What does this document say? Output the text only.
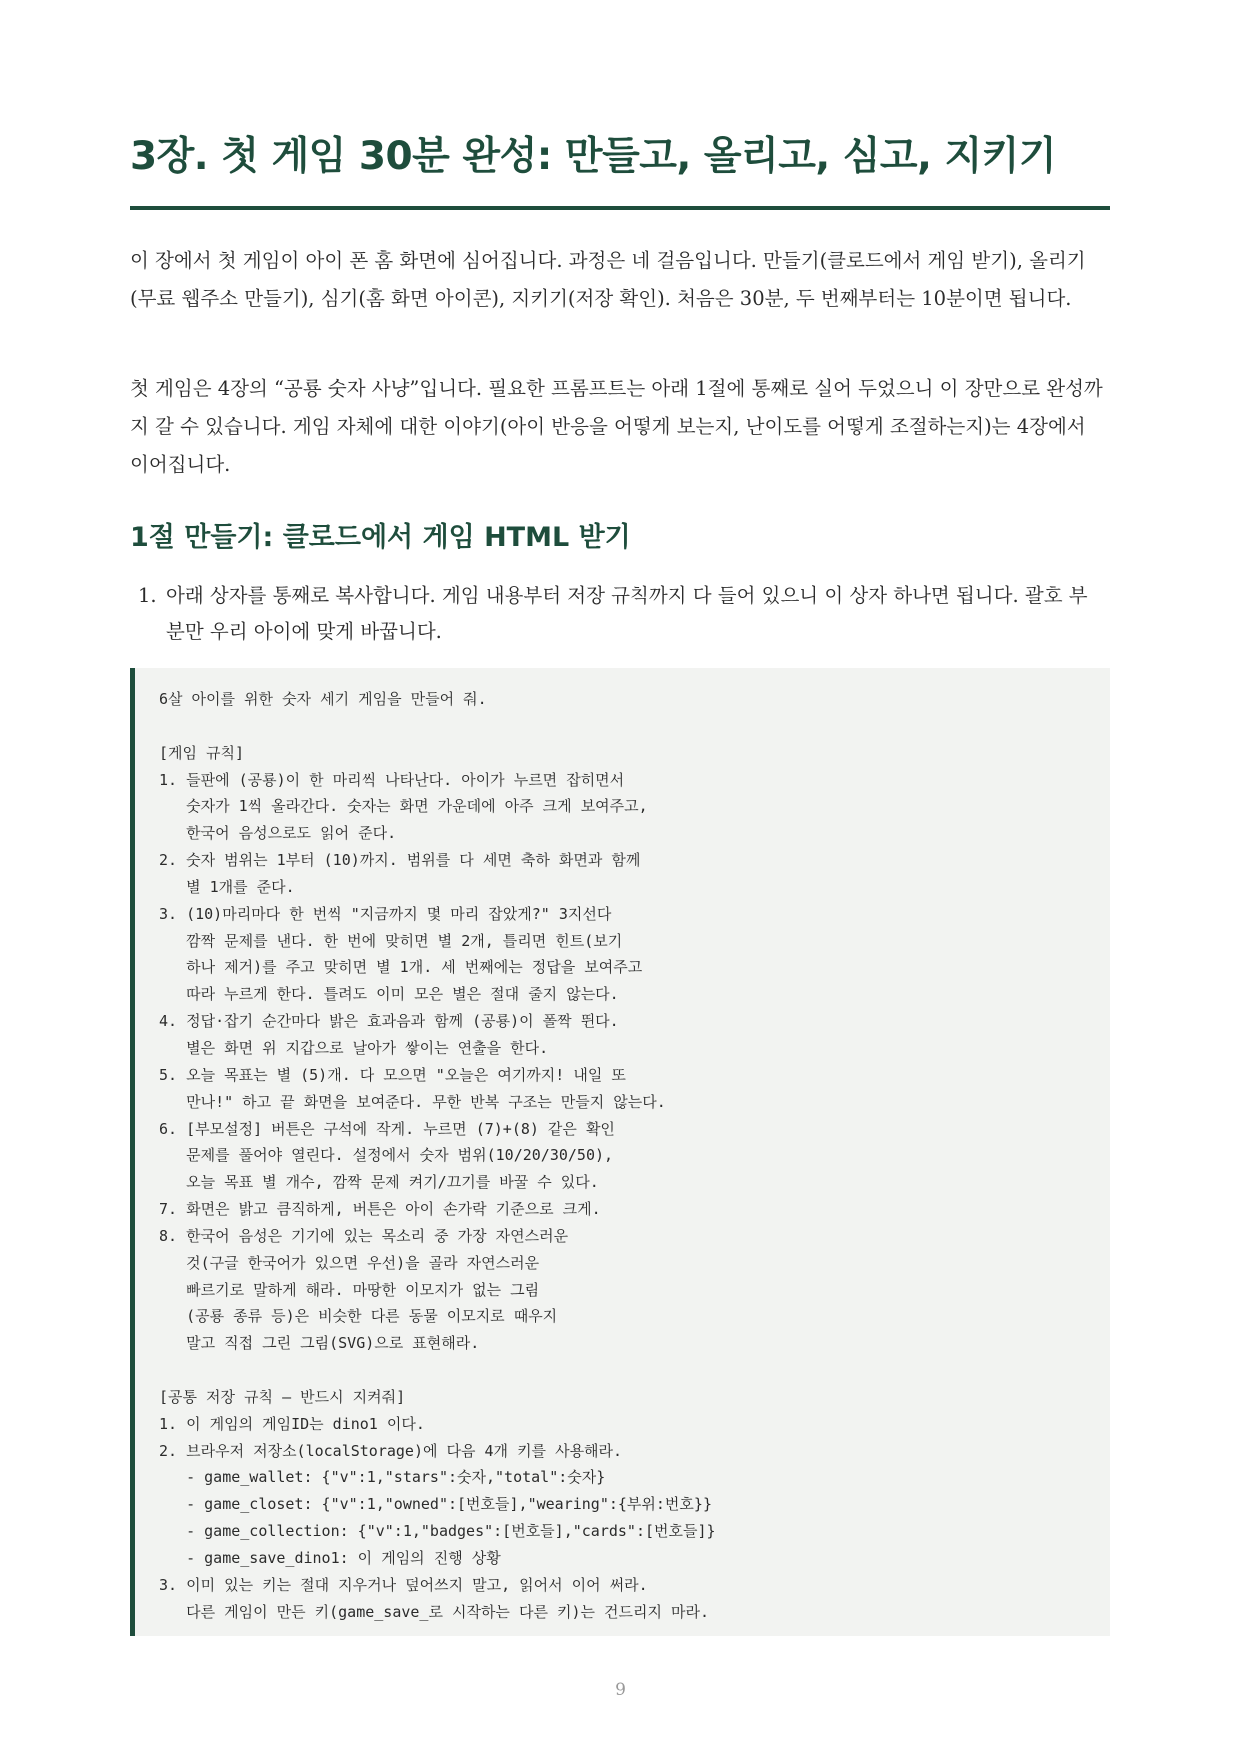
3장. 첫 게임 30분 완성: 만들고, 올리고, 심고, 지키기

이 장에서 첫 게임이 아이 폰 홈 화면에 심어집니다. 과정은 네 걸음입니다. 만들기(클로드에서 게임 받기), 올리기(무료 웹주소 만들기), 심기(홈 화면 아이콘), 지키기(저장 확인). 처음은 30분, 두 번째부터는 10분이면 됩니다.

첫 게임은 4장의 “공룡 숫자 사냥”입니다. 필요한 프롬프트는 아래 1절에 통째로 실어 두었으니 이 장만으로 완성까지 갈 수 있습니다. 게임 자체에 대한 이야기(아이 반응을 어떻게 보는지, 난이도를 어떻게 조절하는지)는 4장에서 이어집니다.

1절 만들기: 클로드에서 게임 HTML 받기
1. 아래 상자를 통째로 복사합니다. 게임 내용부터 저장 규칙까지 다 들어 있으니 이 상자 하나면 됩니다. 괄호 부분만 우리 아이에 맞게 바꿉니다.
6살 아이를 위한 숫자 세기 게임을 만들어 줘.
[게임 규칙]
1. 들판에 (공룡)이 한 마리씩 나타난다. 아이가 누르면 잡히면서
숫자가 1씩 올라간다. 숫자는 화면 가운데에 아주 크게 보여주고,
한국어 음성으로도 읽어 준다.
2. 숫자 범위는 1부터 (10)까지. 범위를 다 세면 축하 화면과 함께
별 1개를 준다.
3. (10)마리마다 한 번씩 "지금까지 몇 마리 잡았게?" 3지선다
깜짝 문제를 낸다. 한 번에 맞히면 별 2개, 틀리면 힌트(보기
하나 제거)를 주고 맞히면 별 1개. 세 번째에는 정답을 보여주고
따라 누르게 한다. 틀려도 이미 모은 별은 절대 줄지 않는다.
4. 정답·잡기 순간마다 밝은 효과음과 함께 (공룡)이 폴짝 뛴다.
별은 화면 위 지갑으로 날아가 쌓이는 연출을 한다.
5. 오늘 목표는 별 (5)개. 다 모으면 "오늘은 여기까지! 내일 또
만나!" 하고 끝 화면을 보여준다. 무한 반복 구조는 만들지 않는다.
6. [부모설정] 버튼은 구석에 작게. 누르면 (7)+(8) 같은 확인
문제를 풀어야 열린다. 설정에서 숫자 범위(10/20/30/50),
오늘 목표 별 개수, 깜짝 문제 켜기/끄기를 바꿀 수 있다.
7. 화면은 밝고 큼직하게, 버튼은 아이 손가락 기준으로 크게.
8. 한국어 음성은 기기에 있는 목소리 중 가장 자연스러운
것(구글 한국어가 있으면 우선)을 골라 자연스러운
빠르기로 말하게 해라. 마땅한 이모지가 없는 그림
(공룡 종류 등)은 비슷한 다른 동물 이모지로 때우지
말고 직접 그린 그림(SVG)으로 표현해라.
[공통 저장 규칙 — 반드시 지켜줘]
1. 이 게임의 게임ID는 dino1 이다.
2. 브라우저 저장소(localStorage)에 다음 4개 키를 사용해라.
- game_wallet: {"v":1,"stars":숫자,"total":숫자}
- game_closet: {"v":1,"owned":[번호들],"wearing":{부위:번호}}
- game_collection: {"v":1,"badges":[번호들],"cards":[번호들]}
- game_save_dino1: 이 게임의 진행 상황
3. 이미 있는 키는 절대 지우거나 덮어쓰지 말고, 읽어서 이어 써라.
다른 게임이 만든 키(game_save_로 시작하는 다른 키)는 건드리지 마라.
9
